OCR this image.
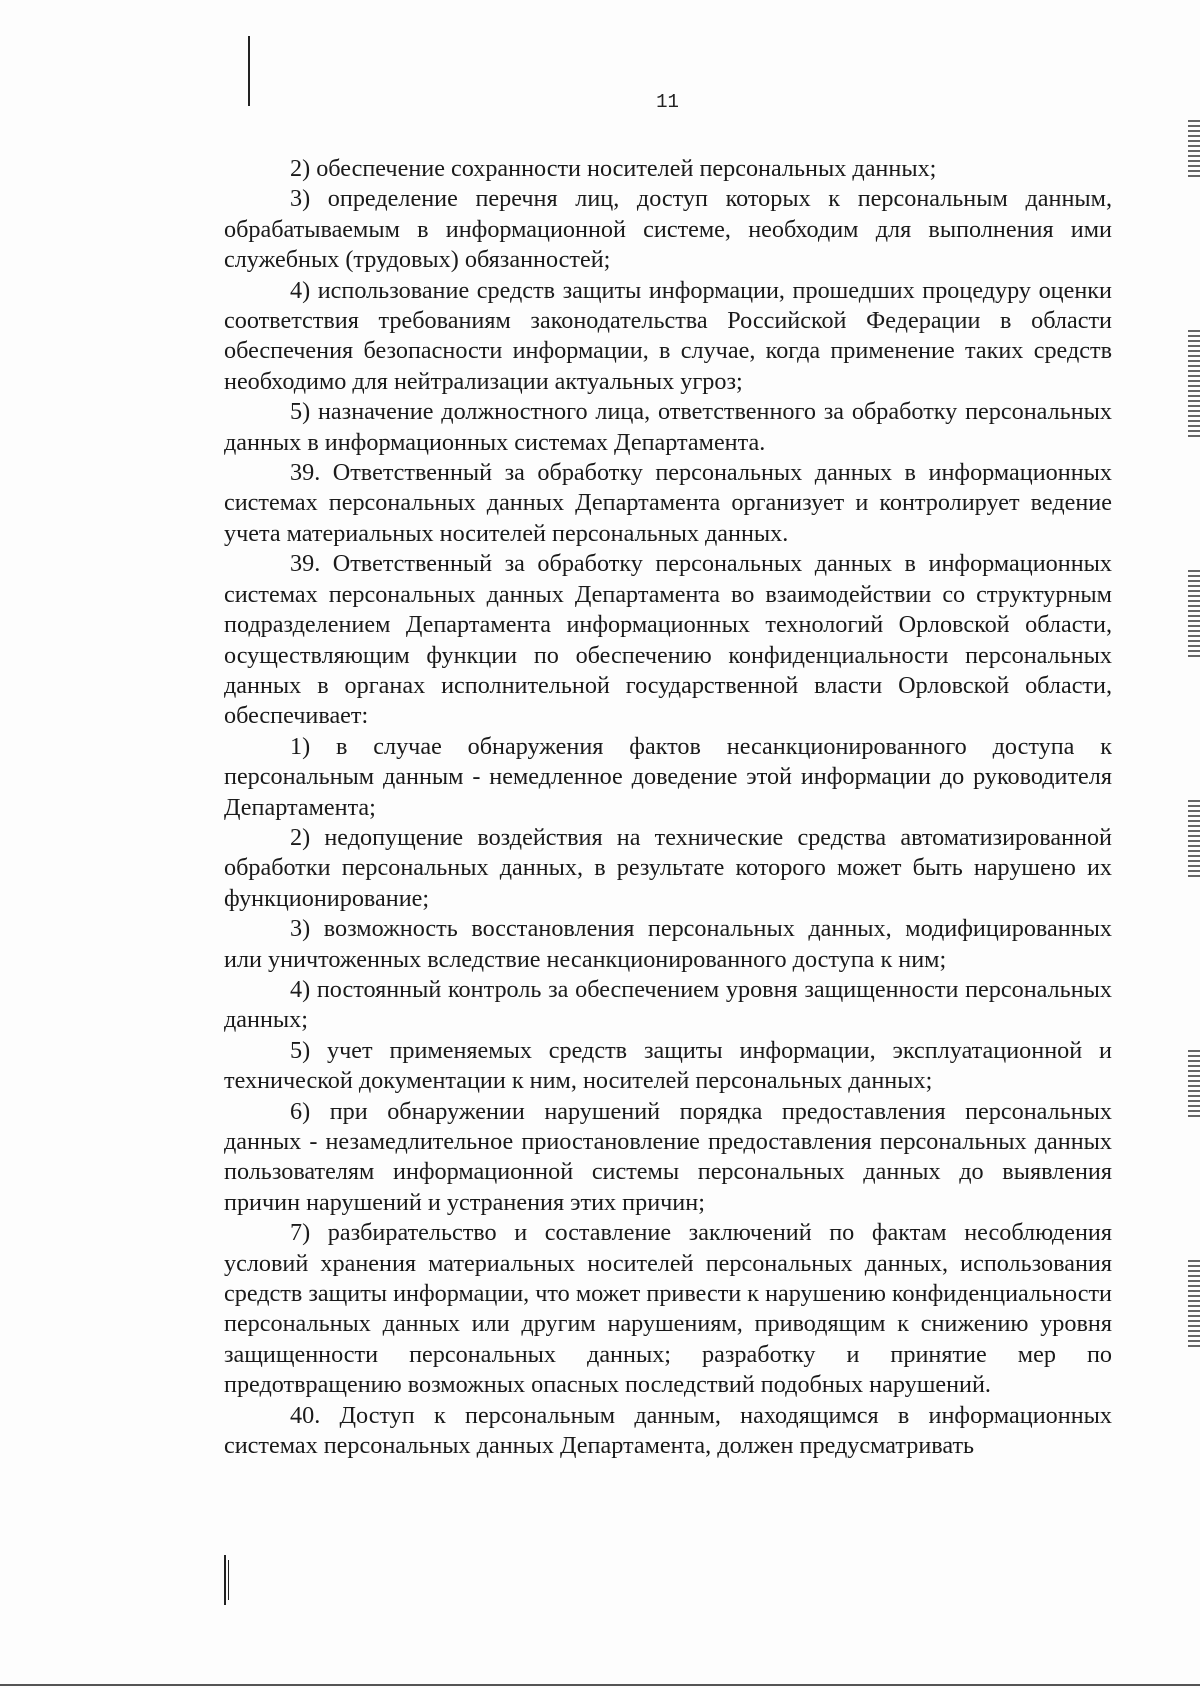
11

2) обеспечение сохранности носителей персональных данных;

3) определение перечня лиц, доступ которых к персональным данным, обрабатываемым в информационной системе, необходим для выполнения ими служебных (трудовых) обязанностей;

4) использование средств защиты информации, прошедших процедуру оценки соответствия требованиям законодательства Российской Федерации в области обеспечения безопасности информации, в случае, когда применение таких средств необходимо для нейтрализации актуальных угроз;

5) назначение должностного лица, ответственного за обработку персональных данных в информационных системах Департамента.

39. Ответственный за обработку персональных данных в информационных системах персональных данных Департамента организует и контролирует ведение учета материальных носителей персональных данных.

39. Ответственный за обработку персональных данных в информационных системах персональных данных Департамента во взаимодействии со структурным подразделением Департамента информационных технологий Орловской области, осуществляющим функции по обеспечению конфиденциальности персональных данных в органах исполнительной государственной власти Орловской области, обеспечивает:

1) в случае обнаружения фактов несанкционированного доступа к персональным данным - немедленное доведение этой информации до руководителя Департамента;

2) недопущение воздействия на технические средства автоматизированной обработки персональных данных, в результате которого может быть нарушено их функционирование;

3) возможность восстановления персональных данных, модифицированных или уничтоженных вследствие несанкционированного доступа к ним;

4) постоянный контроль за обеспечением уровня защищенности персональных данных;

5) учет применяемых средств защиты информации, эксплуатационной и технической документации к ним, носителей персональных данных;

6) при обнаружении нарушений порядка предоставления персональных данных - незамедлительное приостановление предоставления персональных данных пользователям информационной системы персональных данных до выявления причин нарушений и устранения этих причин;

7) разбирательство и составление заключений по фактам несоблюдения условий хранения материальных носителей персональных данных, использования средств защиты информации, что может привести к нарушению конфиденциальности персональных данных или другим нарушениям, приводящим к снижению уровня защищенности персональных данных; разработку и принятие мер по предотвращению возможных опасных последствий подобных нарушений.

40. Доступ к персональным данным, находящимся в информационных системах персональных данных Департамента, должен предусматривать
